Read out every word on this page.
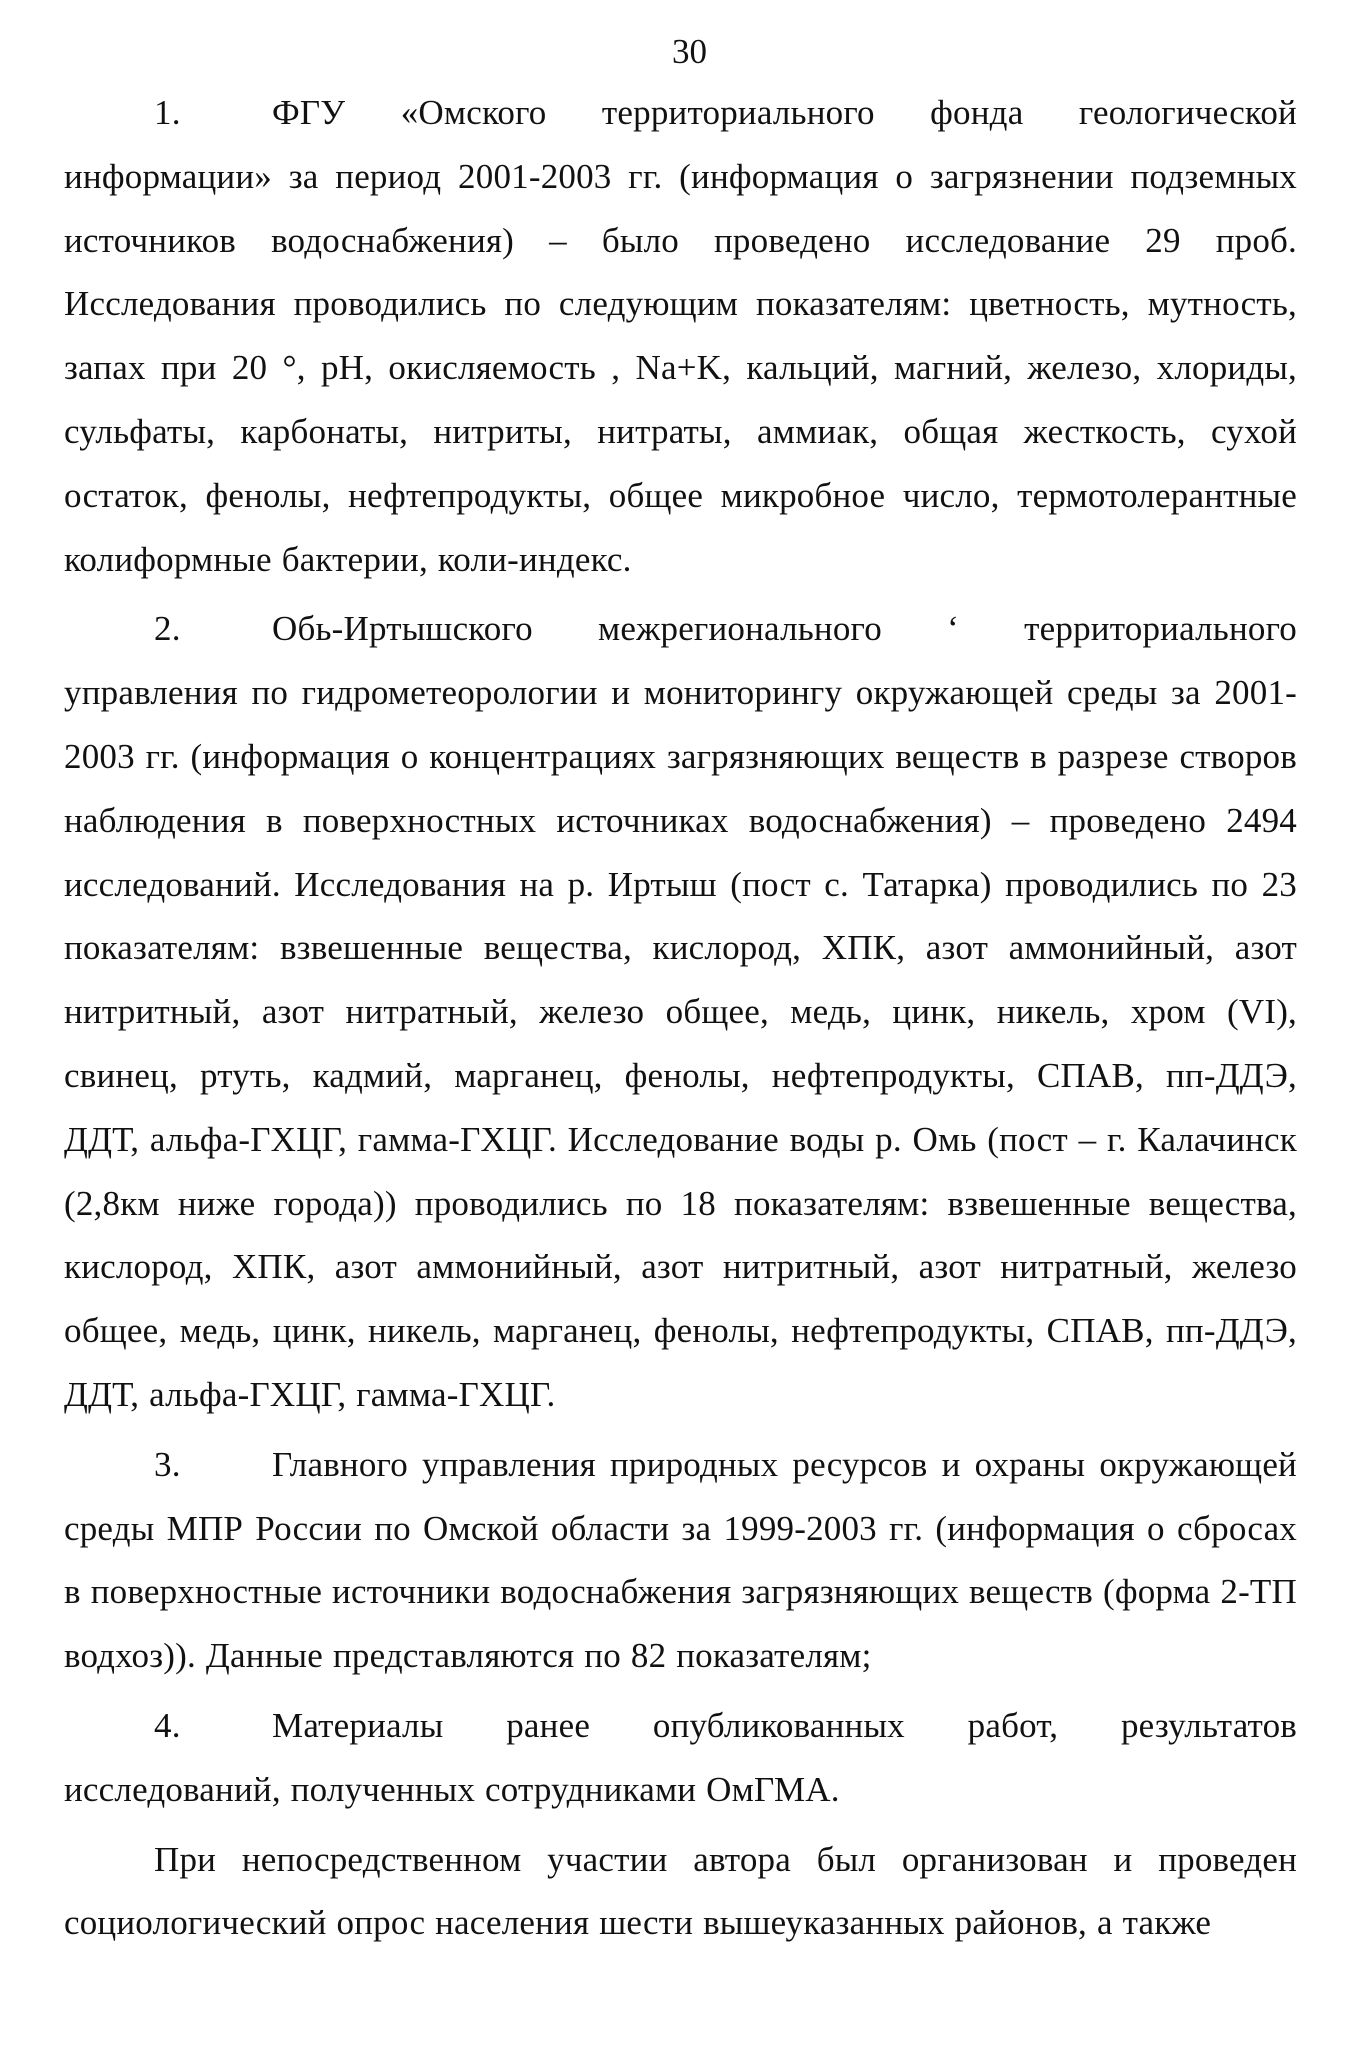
30

1.	ФГУ «Омского территориального фонда геологической информации» за период 2001-2003 гг. (информация о загрязнении подземных источников водоснабжения) – было проведено исследование 29 проб. Исследования проводились по следующим показателям: цветность, мутность, запах при 20 °, pH, окисляемость , Na+K, кальций, магний, железо, хлориды, сульфаты, карбонаты, нитриты, нитраты, аммиак, общая жесткость, сухой остаток, фенолы, нефтепродукты, общее микробное число, термотолерантные колиформные бактерии, коли-индекс.

2.	Обь-Иртышского межрегионального ‘ территориального управления по гидрометеорологии и мониторингу окружающей среды за 2001-2003 гг. (информация о концентрациях загрязняющих веществ в разрезе створов наблюдения в поверхностных источниках водоснабжения) – проведено 2494 исследований. Исследования на р. Иртыш (пост с. Татарка) проводились по 23 показателям: взвешенные вещества, кислород, ХПК, азот аммонийный, азот нитритный, азот нитратный, железо общее, медь, цинк, никель, хром (VI), свинец, ртуть, кадмий, марганец, фенолы, нефтепродукты, СПАВ, пп-ДДЭ, ДДТ, альфа-ГХЦГ, гамма-ГХЦГ. Исследование воды р. Омь (пост – г. Калачинск (2,8км ниже города)) проводились по 18 показателям: взвешенные вещества, кислород, ХПК, азот аммонийный, азот нитритный, азот нитратный, железо общее, медь, цинк, никель, марганец, фенолы, нефтепродукты, СПАВ, пп-ДДЭ, ДДТ, альфа-ГХЦГ, гамма-ГХЦГ.

3.	Главного управления природных ресурсов и охраны окружающей среды МПР России по Омской области за 1999-2003 гг. (информация о сбросах в поверхностные источники водоснабжения загрязняющих веществ (форма 2-ТП водхоз)). Данные представляются по 82 показателям;

4.	Материалы ранее опубликованных работ, результатов исследований, полученных сотрудниками ОмГМА.

При непосредственном участии автора был организован и проведен социологический опрос населения шести вышеуказанных районов, а также
